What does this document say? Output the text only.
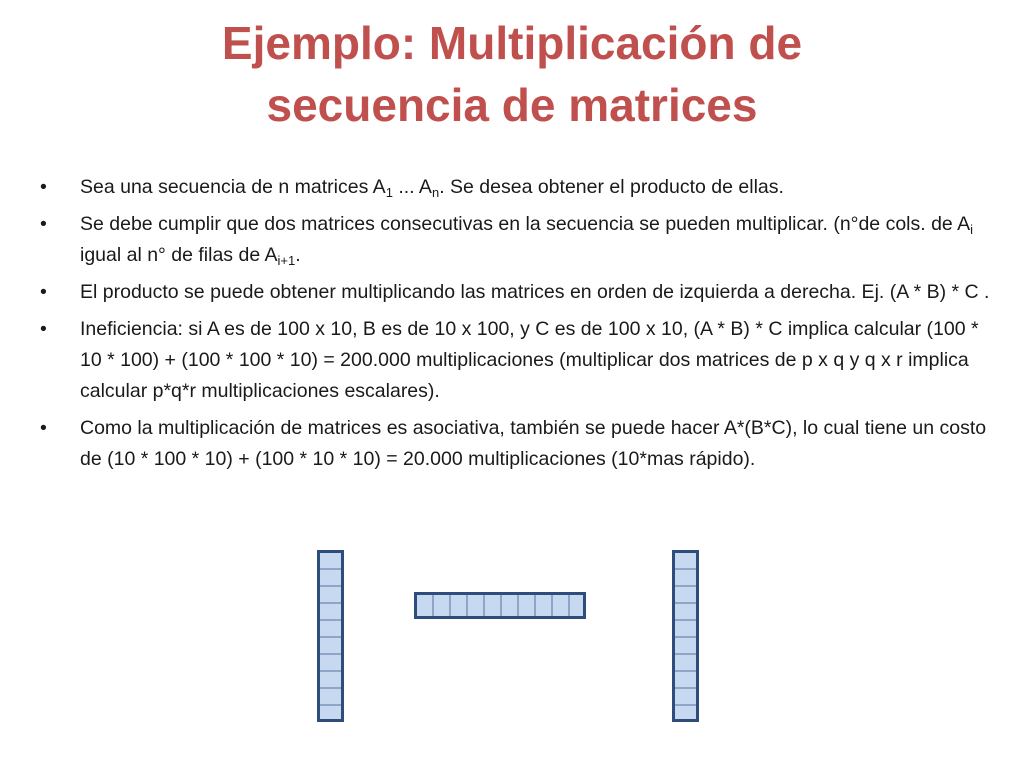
Ejemplo: Multiplicación de
secuencia de matrices
• Sea una secuencia de n matrices $A_1$ ... $A_n$. Se desea obtener el producto de ellas.
• Se debe cumplir que dos matrices consecutivas en la secuencia se pueden multiplicar. (n°de cols. de $A_i$ igual al n° de filas de $A_{i+1}$.
• El producto se puede obtener multiplicando las matrices en orden de izquierda a derecha. Ej. (A * B) * C .
• Ineficiencia: si A es de 100 x 10, B es de 10 x 100, y C es de 100 x 10, (A * B) * C implica calcular (100 * 10 * 100) + (100 * 100 * 10) = 200.000 multiplicaciones (multiplicar dos matrices de p x q y q x r implica calcular p*q*r multiplicaciones escalares).
• Como la multiplicación de matrices es asociativa, también se puede hacer A*(B*C), lo cual tiene un costo de (10 * 100 * 10) + (100 * 10 * 10) = 20.000 multiplicaciones (10*mas rápido).
